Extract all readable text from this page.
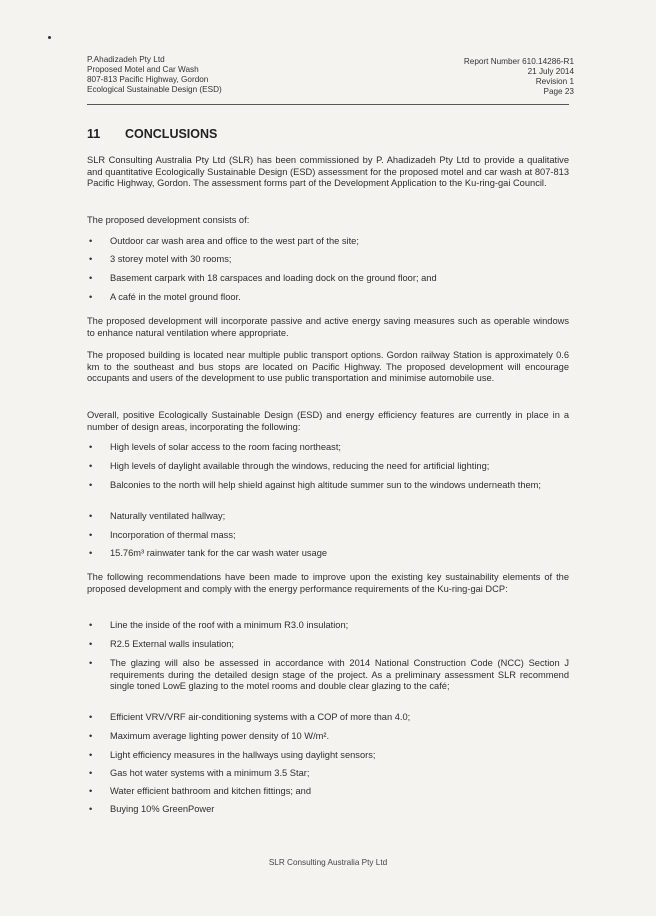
P.Ahadizadeh Pty Ltd
Proposed Motel and Car Wash
807-813 Pacific Highway, Gordon
Ecological Sustainable Design (ESD)
Report Number 610.14286-R1
21 July 2014
Revision 1
Page 23
11 CONCLUSIONS
SLR Consulting Australia Pty Ltd (SLR) has been commissioned by P. Ahadizadeh Pty Ltd to provide a qualitative and quantitative Ecologically Sustainable Design (ESD) assessment for the proposed motel and car wash at 807-813 Pacific Highway, Gordon. The assessment forms part of the Development Application to the Ku-ring-gai Council.
The proposed development consists of:
• Outdoor car wash area and office to the west part of the site;
• 3 storey motel with 30 rooms;
• Basement carpark with 18 carspaces and loading dock on the ground floor; and
• A café in the motel ground floor.
The proposed development will incorporate passive and active energy saving measures such as operable windows to enhance natural ventilation where appropriate.
The proposed building is located near multiple public transport options. Gordon railway Station is approximately 0.6 km to the southeast and bus stops are located on Pacific Highway. The proposed development will encourage occupants and users of the development to use public transportation and minimise automobile use.
Overall, positive Ecologically Sustainable Design (ESD) and energy efficiency features are currently in place in a number of design areas, incorporating the following:
• High levels of solar access to the room facing northeast;
• High levels of daylight available through the windows, reducing the need for artificial lighting;
• Balconies to the north will help shield against high altitude summer sun to the windows underneath them;
• Naturally ventilated hallway;
• Incorporation of thermal mass;
• 15.76m³ rainwater tank for the car wash water usage
The following recommendations have been made to improve upon the existing key sustainability elements of the proposed development and comply with the energy performance requirements of the Ku-ring-gai DCP:
• Line the inside of the roof with a minimum R3.0 insulation;
• R2.5 External walls insulation;
• The glazing will also be assessed in accordance with 2014 National Construction Code (NCC) Section J requirements during the detailed design stage of the project. As a preliminary assessment SLR recommend single toned LowE glazing to the motel rooms and double clear glazing to the café;
• Efficient VRV/VRF air-conditioning systems with a COP of more than 4.0;
• Maximum average lighting power density of 10 W/m².
• Light efficiency measures in the hallways using daylight sensors;
• Gas hot water systems with a minimum 3.5 Star;
• Water efficient bathroom and kitchen fittings; and
• Buying 10% GreenPower
SLR Consulting Australia Pty Ltd
